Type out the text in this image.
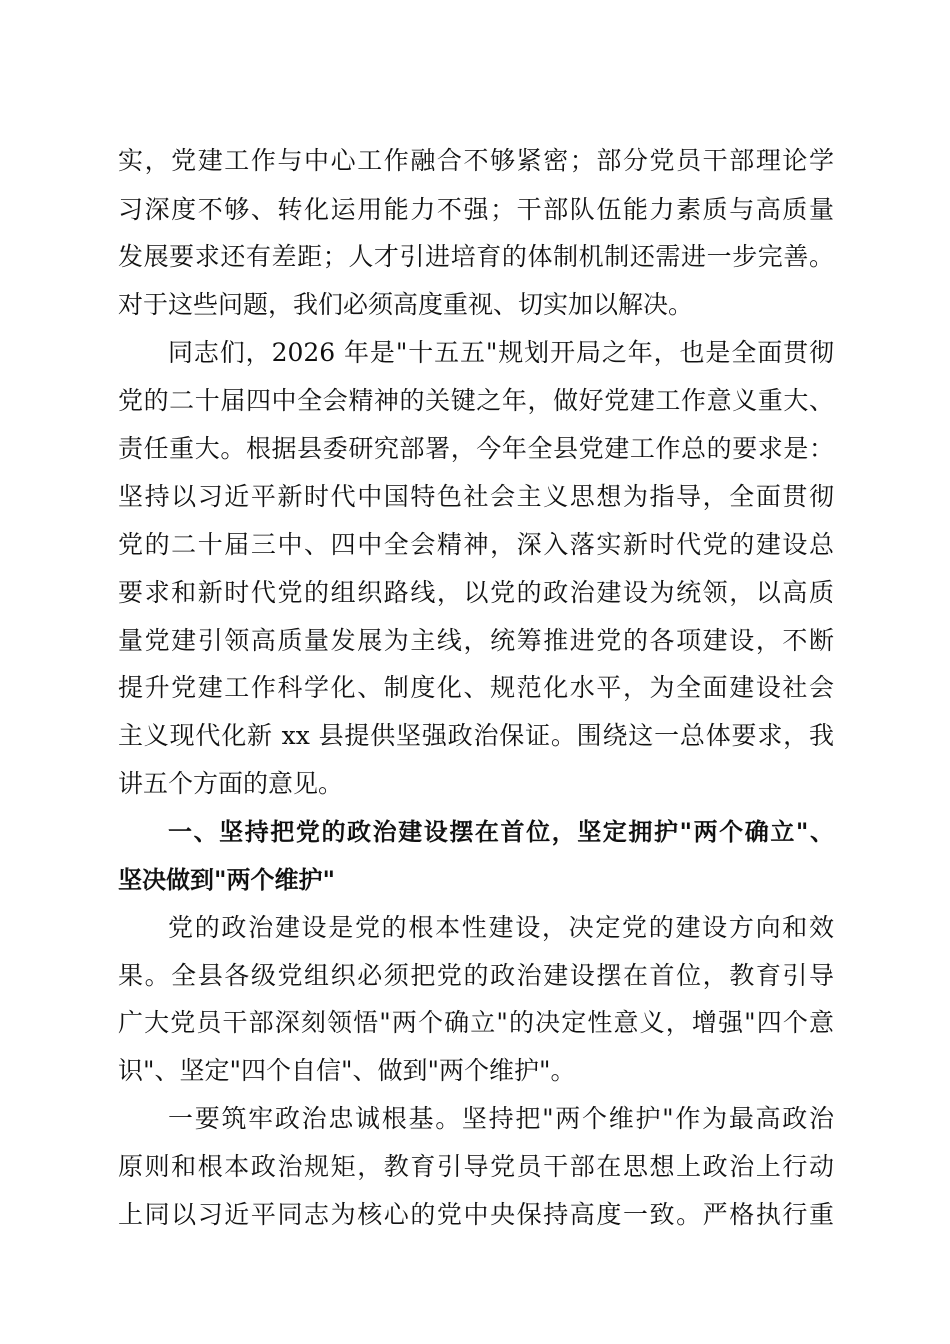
实，党建工作与中心工作融合不够紧密；部分党员干部理论学
习深度不够、转化运用能力不强；干部队伍能力素质与高质量
发展要求还有差距；人才引进培育的体制机制还需进一步完善。
对于这些问题，我们必须高度重视、切实加以解决。
同志们，2026 年是"十五五"规划开局之年，也是全面贯彻
党的二十届四中全会精神的关键之年，做好党建工作意义重大、
责任重大。根据县委研究部署，今年全县党建工作总的要求是：
坚持以习近平新时代中国特色社会主义思想为指导，全面贯彻
党的二十届三中、四中全会精神，深入落实新时代党的建设总
要求和新时代党的组织路线，以党的政治建设为统领，以高质
量党建引领高质量发展为主线，统筹推进党的各项建设，不断
提升党建工作科学化、制度化、规范化水平，为全面建设社会
主义现代化新 xx 县提供坚强政治保证。围绕这一总体要求，我
讲五个方面的意见。
一、坚持把党的政治建设摆在首位，坚定拥护"两个确立"、
坚决做到"两个维护"
党的政治建设是党的根本性建设，决定党的建设方向和效
果。全县各级党组织必须把党的政治建设摆在首位，教育引导
广大党员干部深刻领悟"两个确立"的决定性意义，增强"四个意
识"、坚定"四个自信"、做到"两个维护"。
一要筑牢政治忠诚根基。坚持把"两个维护"作为最高政治
原则和根本政治规矩，教育引导党员干部在思想上政治上行动
上同以习近平同志为核心的党中央保持高度一致。严格执行重
